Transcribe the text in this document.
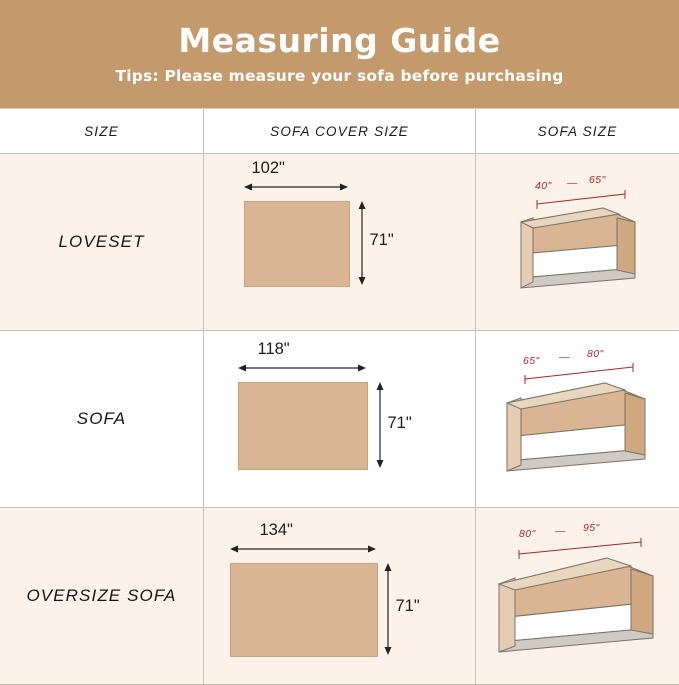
Measuring Guide
Tips: Please measure your sofa before purchasing
SIZE	SOFA COVER SIZE	SOFA SIZE
LOVESET
102"
71"
40" — 65"
SOFA
118"
71"
65" — 80"
OVERSIZE SOFA
134"
71"
80" — 95"
